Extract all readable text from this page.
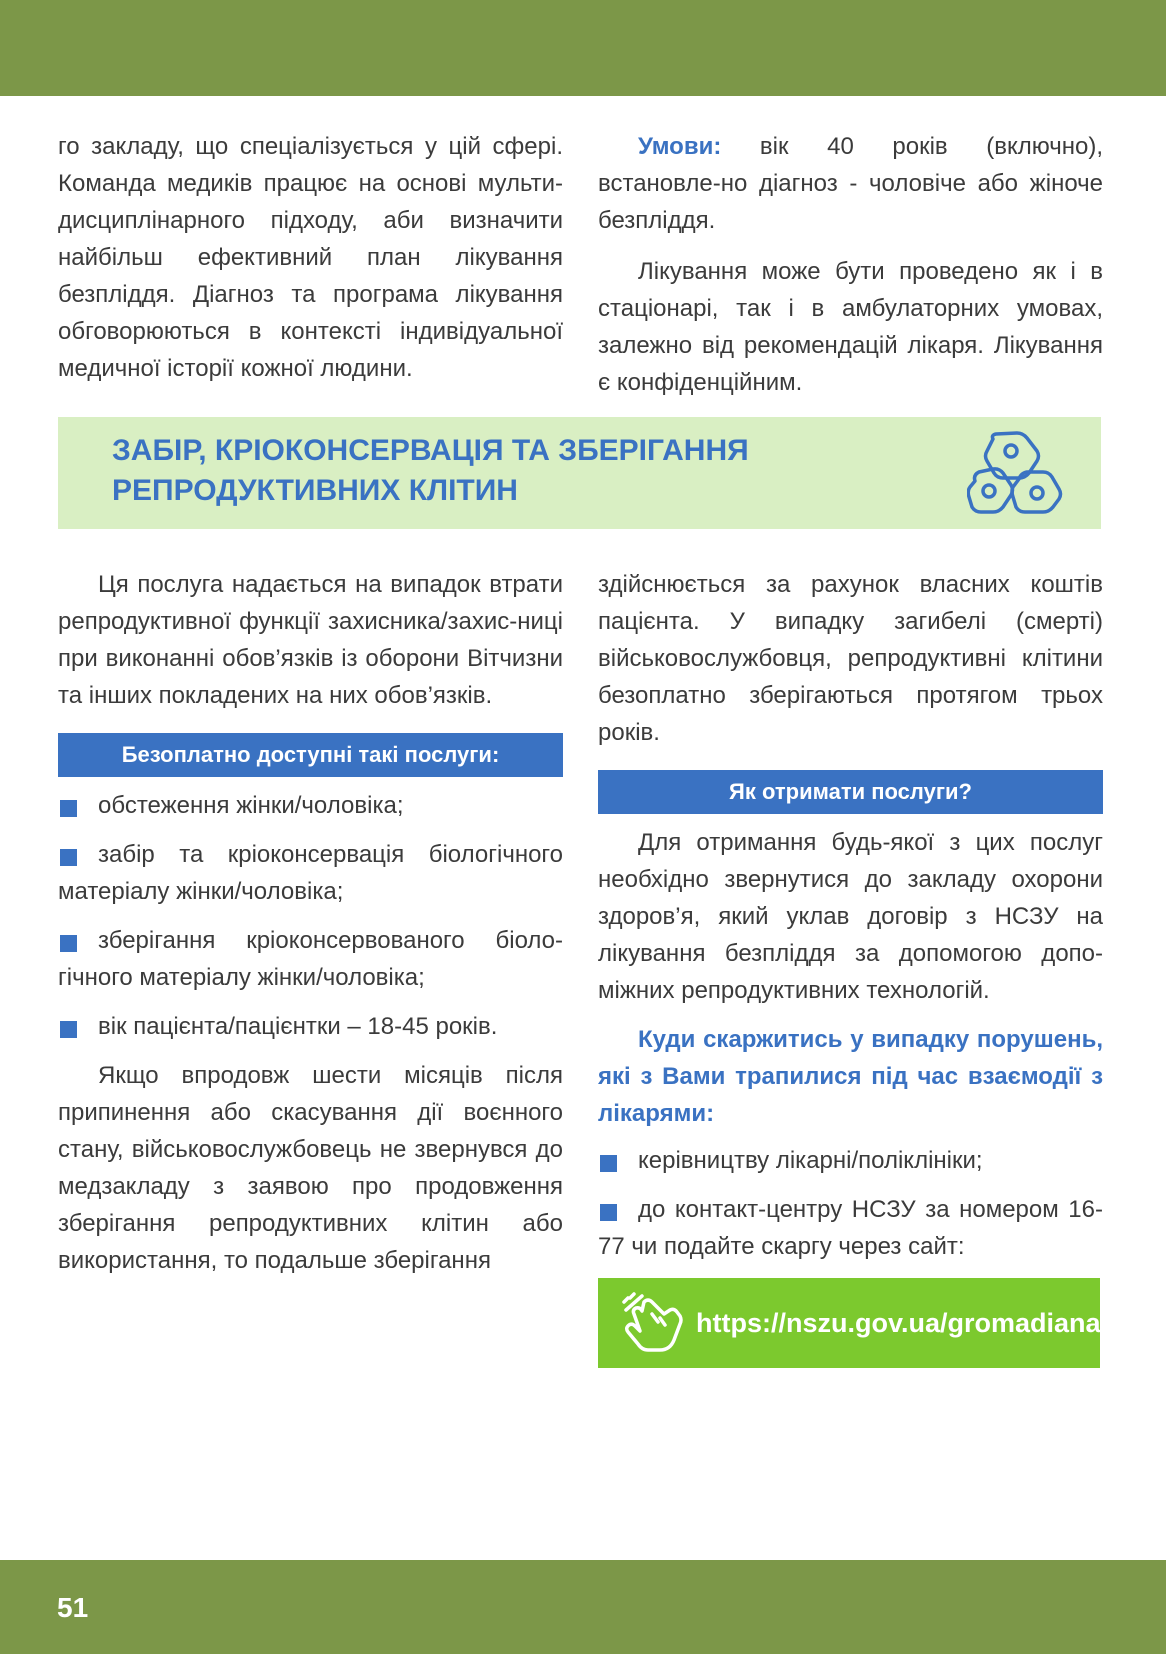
го закладу, що спеціалізується у цій сфері. Команда медиків працює на основі мульти-дисциплінарного підходу, аби визначити найбільш ефективний план лікування безпліддя. Діагноз та програма лікування обговорюються в контексті індивідуальної медичної історії кожної людини.

Умови: вік 40 років (включно), встановле-но діагноз - чоловіче або жіноче безпліддя.

Лікування може бути проведено як і в стаціонарі, так і в амбулаторних умовах, залежно від рекомендацій лікаря. Лікування є конфіденційним.

ЗАБІР, КРІОКОНСЕРВАЦІЯ ТА ЗБЕРІГАННЯ
РЕПРОДУКТИВНИХ КЛІТИН

Ця послуга надається на випадок втрати репродуктивної функції захисника/захис-ниці при виконанні обов’язків із оборони Вітчизни та інших покладених на них обов’язків.

Безоплатно доступні такі послуги:

обстеження жінки/чоловіка;

забір та кріоконсервація біологічного матеріалу жінки/чоловіка;

зберігання кріоконсервованого біоло-гічного матеріалу жінки/чоловіка;

вік пацієнта/пацієнтки – 18-45 років.

Якщо впродовж шести місяців після припинення або скасування дії воєнного стану, військовослужбовець не звернувся до медзакладу з заявою про продовження зберігання репродуктивних клітин або використання, то подальше зберігання

здійснюється за рахунок власних коштів пацієнта. У випадку загибелі (смерті) військовослужбовця, репродуктивні клітини безоплатно зберігаються протягом трьох років.

Як отримати послуги?

Для отримання будь-якої з цих послуг необхідно звернутися до закладу охорони здоров’я, який уклав договір з НСЗУ на лікування безпліддя за допомогою допо-міжних репродуктивних технологій.

Куди скаржитись у випадку порушень, які з Вами трапилися під час взаємодії з лікарями:

керівництву лікарні/поліклініки;

до контакт-центру НСЗУ за номером 16-77 чи подайте скаргу через сайт:

https://nszu.gov.ua/gromadianam
51
